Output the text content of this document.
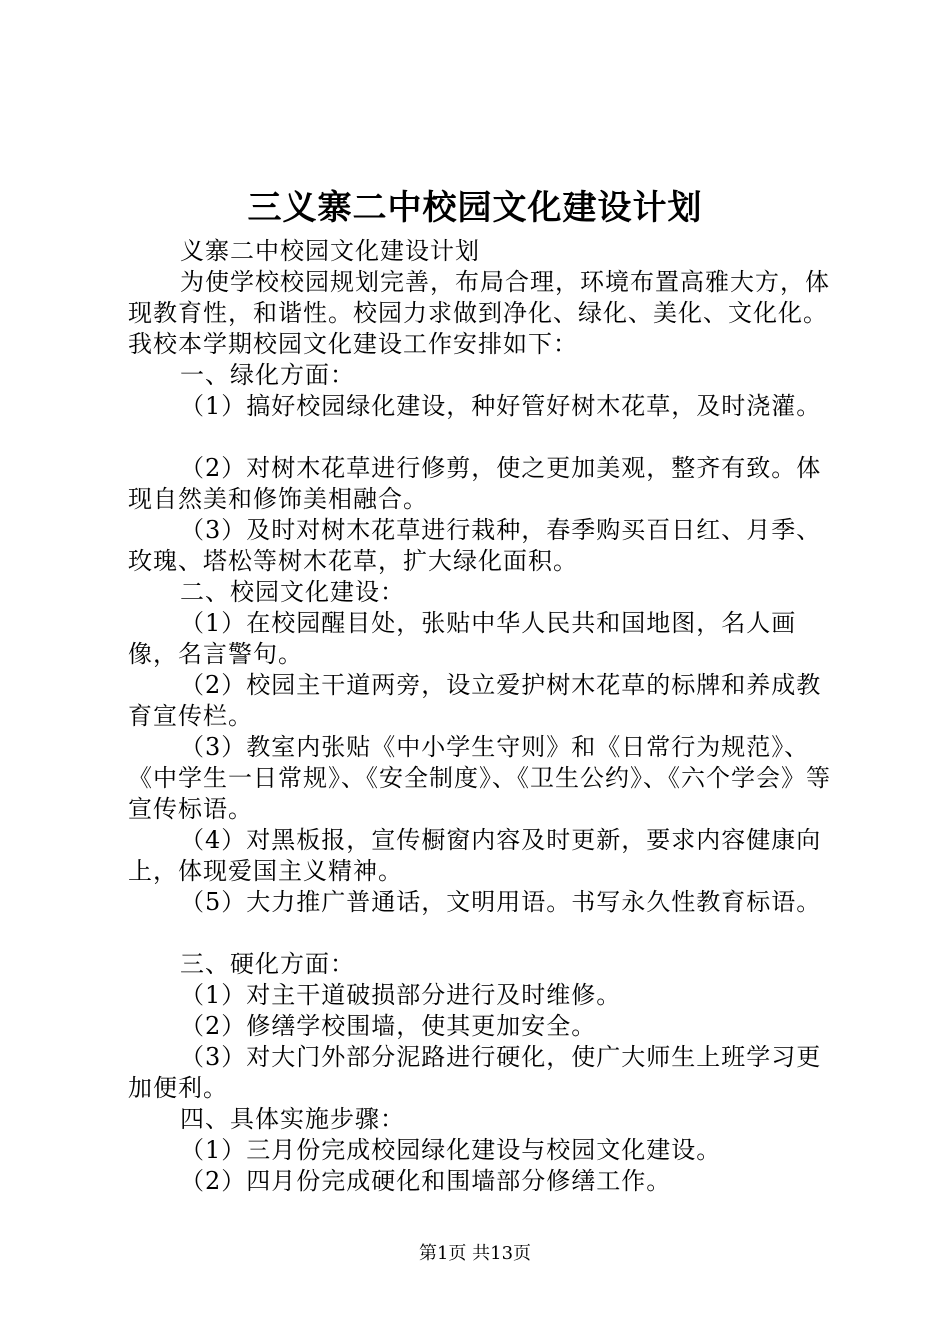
三义寨二中校园文化建设计划

义寨二中校园文化建设计划

为使学校校园规划完善，布局合理，环境布置高雅大方，体现教育性，和谐性。校园力求做到净化、绿化、美化、文化化。我校本学期校园文化建设工作安排如下：

一、绿化方面：

（1）搞好校园绿化建设，种好管好树木花草，及时浇灌。

（2）对树木花草进行修剪，使之更加美观，整齐有致。体现自然美和修饰美相融合。

（3）及时对树木花草进行栽种，春季购买百日红、月季、玫瑰、塔松等树木花草，扩大绿化面积。

二、校园文化建设：

（1）在校园醒目处，张贴中华人民共和国地图，名人画像，名言警句。

（2）校园主干道两旁，设立爱护树木花草的标牌和养成教育宣传栏。

（3）教室内张贴《中小学生守则》和《日常行为规范》、《中学生一日常规》、《安全制度》、《卫生公约》、《六个学会》等宣传标语。

（4）对黑板报，宣传橱窗内容及时更新，要求内容健康向上，体现爱国主义精神。

（5）大力推广普通话，文明用语。书写永久性教育标语。

三、硬化方面：

（1）对主干道破损部分进行及时维修。

（2）修缮学校围墙，使其更加安全。

（3）对大门外部分泥路进行硬化，使广大师生上班学习更加便利。

四、具体实施步骤：

（1）三月份完成校园绿化建设与校园文化建设。

（2）四月份完成硬化和围墙部分修缮工作。

第1页 共13页
